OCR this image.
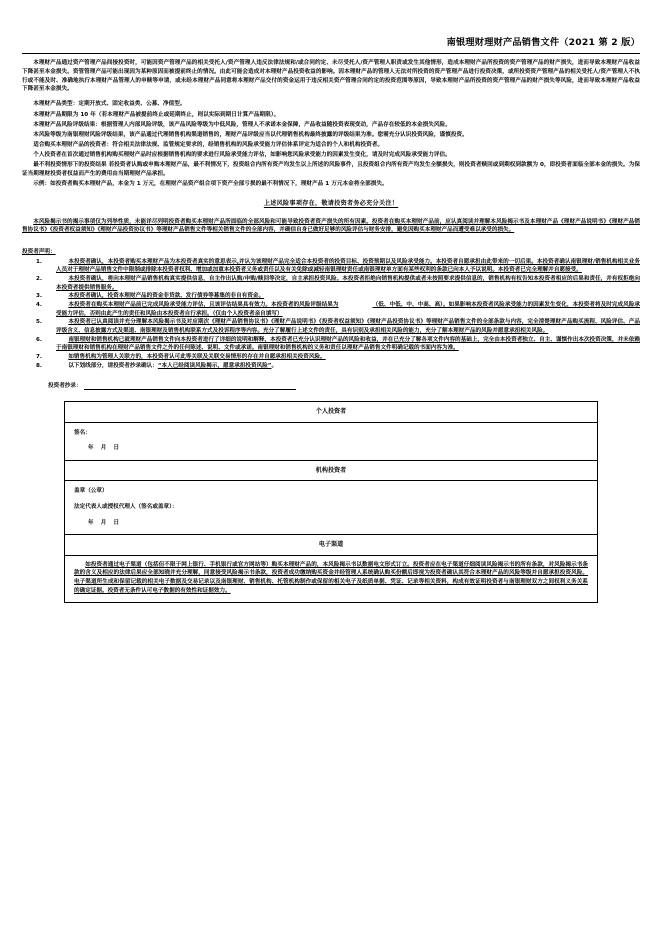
南银理财理财产品销售文件（2021 第 2 版）

本理财产品通过资产管理产品间接投资时，可能因资产管理产品的相关受托人/资产管理人违反法律法规和/或合同约定、未尽受托人/资产管理人职责或发生其他情形，造成本理财产品所投资的资产管理产品的财产损失，进而导致本理财产品收益下降甚至本金损失。资管管理产品可能出现因为某种原因而被提前终止的情况。由此可能会造成对本理财产品投资收益的影响。因本理财产品的管理人无法对所投资的资产管理产品进行投资决策，或所投资资产管理产品的相关受托人/资产管理人不执行或不能及时、准确地执行本理财产品管理人的申赎等申请，或未经本理财产品同意将本理财产品交付的资金运用于违反相关资产管理合同约定的投资范围等原因，导致本理财产品所投资的资产管理产品的财产损失等风险，进而导致本理财产品收益下降甚至本金损失。

本理财产品类型：定期开放式、固定收益类、公募、净值型。

本理财产品期限为 10 年（若本理财产品被提前终止或延期终止，则以实际到期日计算产品期限）。

本理财产品风险评级结果：根据管理人内部风险评级，该产品风险等级为中低风险，管理人不承诺本金保障，产品收益随投资表现变动，产品存在较低的本金损失风险。

本风险等级为南银理财风险评级结果，该产品通过代理销售机构渠道销售的，理财产品评级应当以代理销售机构最终披露的评级结果为准。您需充分认识投资风险，谨慎投资。

适合购买本理财产品的投资者：符合相关法律法规、监管规定要求的，经销售机构的风险承受能力评估体系评定为适合的个人和机构投资者。

个人投资者在首次通过销售机构购买理财产品时应根据销售机构的要求进行风险承受能力评估，如影响您风险承受能力的因素发生变化，请及时完成风险承受能力评估。

最不利投资情形下的投资结果 若投资者认购或申购本理财产品，最不利情况下，投资组合内所有资产均发生以上所述的风险事件，且投资组合内所有资产均发生全额损失，则投资者赎回或到期权到款额为 0，即投资者面临全部本金的损失。为保证当期理财投资者权益而产生的费用由当期理财产品承担。

示例：如投资者购买本理财产品，本金为 1 万元，在理财产品资产组合项下资产全部亏损的最不利情况下，理财产品 1 万元本金将全部损失。

上述风险事项存在，敬请投资者务必充分关注！

本风险揭示书的揭示事项仅为列举性质，未能详尽列明投资者购买本理财产品所面临的全部风险和可能导致投资者资产损失的所有因素。投资者在购买本理财产品前，应认真阅读并理解本风险揭示书及本理财产品《理财产品说明书》《理财产品销售协议书》《投资者权益须知》《理财产品投资协议书》等理财产品销售文件等相关销售文件的全部内容，并确信自身已做好足够的风险评估与财务安排，避免因购买本理财产品而遭受难以承受的损失。

投资者声明：

1.	本投资者确认，本投资者购买本理财产品为本投资者真实的意思表示,并认为该理财产品完全适合本投资者的投资目标、投资预期以及风险承受能力。本投资者自愿承担由此带来的一切后果。本投资者确认南银理财/销售机构相关业务人员对于理财产品销售文件中限制或排除本投资者权利、增加或加重本投资者义务或责任以及有关免除或减轻南银理财责任或南银理财单方面有某些权利的条款已向本人予以说明。本投资者已完全理解并自愿接受。
2.	本投资者确认，将向本理财产品销售机构真实提供信息，自主作出认购/申购/赎回等决定，自主承担投资风险。本投资者拒绝向销售机构提供或者未按照要求提供信息的，销售机构有权告知本投资者相应的后果和责任，并有权拒绝向本投资者提供销售服务。
3.	本投资者确认，投资本理财产品的资金非贷款、发行债券等募集的非自有资金。
4.	本投资者在购买本理财产品前已完成风险承受能力评估，且该评估结果具有效力。本投资者的风险评级结果为	（低、中低、中、中高、高）。如果影响本投资者风险承受能力的因素发生变化，本投资者将及时完成风险承受能力评估，否则由此产生的责任和风险由本投资者自行承担。（仅由个人投资者亲自填写）
5.	本投资者已认真阅读并充分理解本风险揭示书及对应期次《理财产品销售协议书》《理财产品说明书》《投资者权益须知》《理财产品投资协议书》等理财产品销售文件的全部条款与内容，完全清楚理财产品购买流程、风险评估、产品评级含义、信息披露方式及渠道、南银理财及销售机构联系方式及投诉程序等内容。充分了解履行上述文件的责任，具有识别及承担相关风险的能力，充分了解本理财产品的风险并愿意承担相关风险。
6.	南银理财和销售机构已就理财产品销售文件向本投资者进行了详细的说明和解释，本投资者已充分认识理财产品的风险和收益，并在已充分了解各项文件内容的基础上，完全由本投资者独立、自主、谨慎作出本次投资决策，并未依赖于南银理财和销售机构在理财产品销售文件之外的任何陈述、说明、文件或承诺。南银理财和销售机构的义务和责任以理财产品销售文件明确记载的书面内容为准。
7.	如销售机构为管理人关联方的，本投资者认可此等关联及关联交易情形的存在并自愿承担相关投资风险。
8.	以下划线部分，请投资者抄录确认：“本人已经阅读风险揭示，愿意承担投资风险”。
投资者抄录：
个人投资者

签名：
年 月 日

机构投资者

盖章（公章）
法定代表人或授权代理人（签名或盖章）：
年 月 日

电子渠道

如投资者通过电子渠道（包括但不限于网上银行、手机银行或官方网站等）购买本理财产品的，本风险揭示书以数据电文形式订立。投资者应在电子渠道仔细阅读风险揭示书的所有条款，对风险揭示书条款的含义及相应的法律后果应全部知晓并充分理解，同意接受风险揭示书条款，投资者成功缴纳购买资金并经管理人系统确认购买份额后即视为投资者确认其符合本理财产品的风险等级并自愿承担投资风险。电子渠道所生成和保留记载的相关电子数据及交易记录以及南银理财、销售机构、托管机构制作或保留的相关电子及纸质单据、凭证、记录等相关资料，构成有效证明投资者与南银理财双方之间权利义务关系的确定证据。投资者无条件认可电子数据的有效性和证据效力。
